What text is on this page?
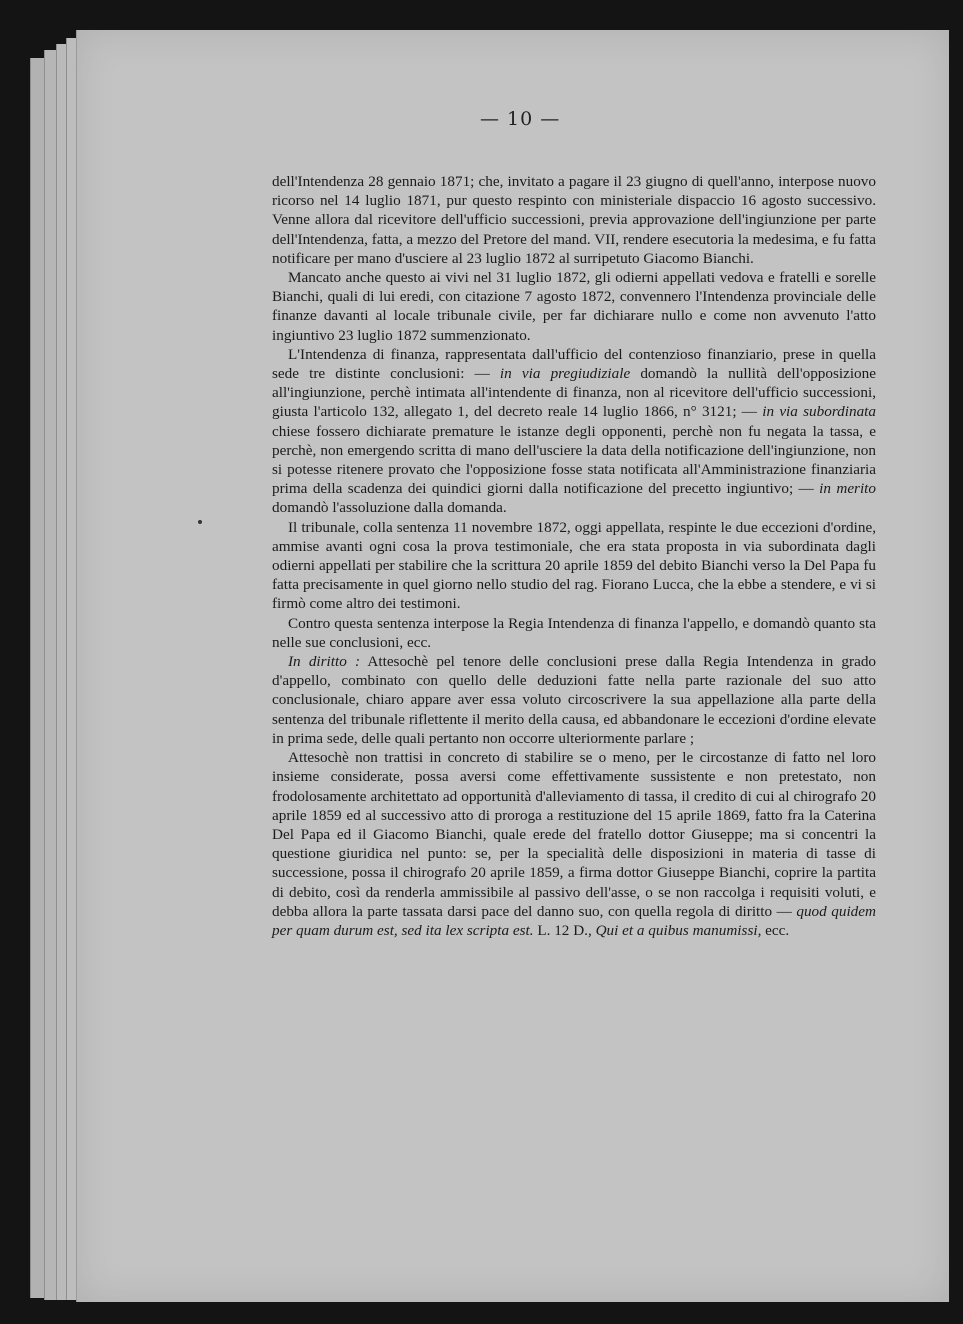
— 10 —

dell'Intendenza 28 gennaio 1871; che, invitato a pagare il 23 giugno di quell'anno, interpose nuovo ricorso nel 14 luglio 1871, pur questo respinto con ministeriale dispaccio 16 agosto successivo. Venne allora dal ricevitore dell'ufficio successioni, previa approvazione dell'ingiunzione per parte dell'Intendenza, fatta, a mezzo del Pretore del mand. VII, rendere esecutoria la medesima, e fu fatta notificare per mano d'usciere al 23 luglio 1872 al surripetuto Giacomo Bianchi.

Mancato anche questo ai vivi nel 31 luglio 1872, gli odierni appellati vedova e fratelli e sorelle Bianchi, quali di lui eredi, con citazione 7 agosto 1872, convennero l'Intendenza provinciale delle finanze davanti al locale tribunale civile, per far dichiarare nullo e come non avvenuto l'atto ingiuntivo 23 luglio 1872 summenzionato.

L'Intendenza di finanza, rappresentata dall'ufficio del contenzioso finanziario, prese in quella sede tre distinte conclusioni: — in via pregiudiziale domandò la nullità dell'opposizione all'ingiunzione, perchè intimata all'intendente di finanza, non al ricevitore dell'ufficio successioni, giusta l'articolo 132, allegato 1, del decreto reale 14 luglio 1866, n° 3121; — in via subordinata chiese fossero dichiarate premature le istanze degli opponenti, perchè non fu negata la tassa, e perchè, non emergendo scritta di mano dell'usciere la data della notificazione dell'ingiunzione, non si potesse ritenere provato che l'opposizione fosse stata notificata all'Amministrazione finanziaria prima della scadenza dei quindici giorni dalla notificazione del precetto ingiuntivo; — in merito domandò l'assoluzione dalla domanda.

Il tribunale, colla sentenza 11 novembre 1872, oggi appellata, respinte le due eccezioni d'ordine, ammise avanti ogni cosa la prova testimoniale, che era stata proposta in via subordinata dagli odierni appellati per stabilire che la scrittura 20 aprile 1859 del debito Bianchi verso la Del Papa fu fatta precisamente in quel giorno nello studio del rag. Fiorano Lucca, che la ebbe a stendere, e vi si firmò come altro dei testimoni.

Contro questa sentenza interpose la Regia Intendenza di finanza l'appello, e domandò quanto sta nelle sue conclusioni, ecc.

In diritto : Attesochè pel tenore delle conclusioni prese dalla Regia Intendenza in grado d'appello, combinato con quello delle deduzioni fatte nella parte razionale del suo atto conclusionale, chiaro appare aver essa voluto circoscrivere la sua appellazione alla parte della sentenza del tribunale riflettente il merito della causa, ed abbandonare le eccezioni d'ordine elevate in prima sede, delle quali pertanto non occorre ulteriormente parlare ;

Attesochè non trattisi in concreto di stabilire se o meno, per le circostanze di fatto nel loro insieme considerate, possa aversi come effettivamente sussistente e non pretestato, non frodolosamente architettato ad opportunità d'alleviamento di tassa, il credito di cui al chirografo 20 aprile 1859 ed al successivo atto di proroga a restituzione del 15 aprile 1869, fatto fra la Caterina Del Papa ed il Giacomo Bianchi, quale erede del fratello dottor Giuseppe; ma si concentri la questione giuridica nel punto: se, per la specialità delle disposizioni in materia di tasse di successione, possa il chirografo 20 aprile 1859, a firma dottor Giuseppe Bianchi, coprire la partita di debito, così da renderla ammissibile al passivo dell'asse, o se non raccolga i requisiti voluti, e debba allora la parte tassata darsi pace del danno suo, con quella regola di diritto — quod quidem per quam durum est, sed ita lex scripta est. L. 12 D., Qui et a quibus manumissi, ecc.
